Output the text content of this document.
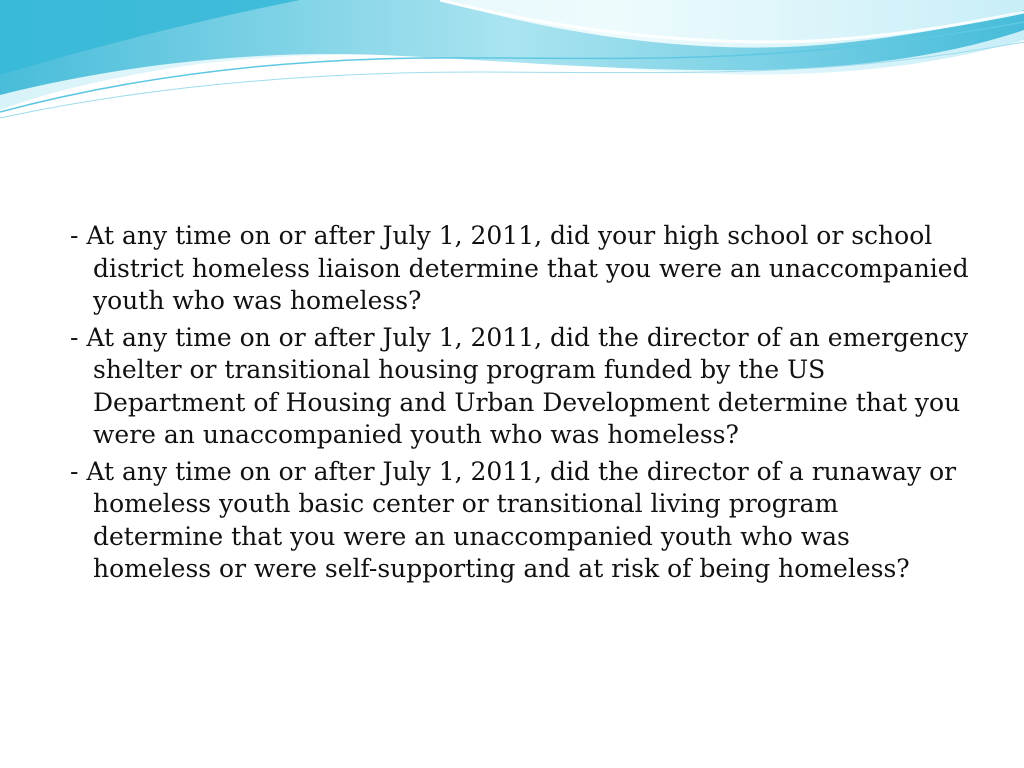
- At any time on or after July 1, 2011, did your high school or school district homeless liaison determine that you were an unaccompanied youth who was homeless?

- At any time on or after July 1, 2011, did the director of an emergency shelter or transitional housing program funded by the US Department of Housing and Urban Development determine that you were an unaccompanied youth who was homeless?

- At any time on or after July 1, 2011, did the director of a runaway or homeless youth basic center or transitional living program determine that you were an unaccompanied youth who was homeless or were self-supporting and at risk of being homeless?
